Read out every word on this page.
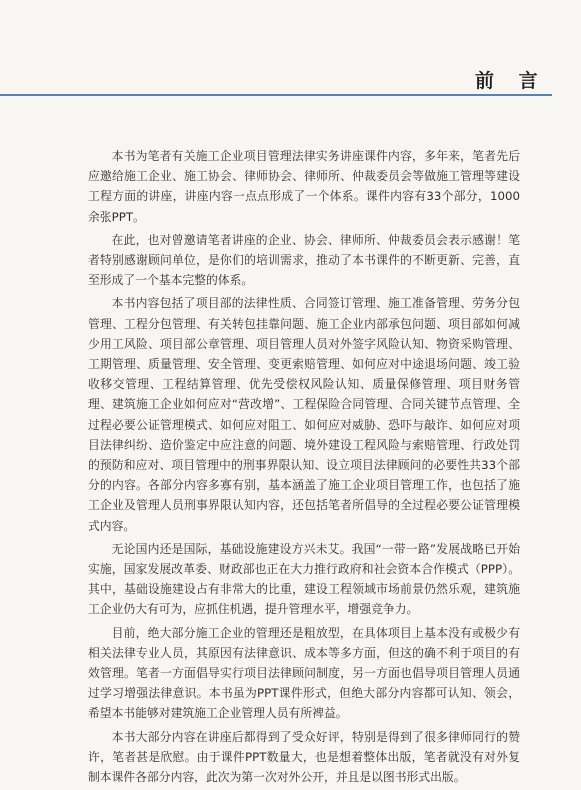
前 言

本书为笔者有关施工企业项目管理法律实务讲座课件内容，多年来，笔者先后应邀给施工企业、施工协会、律师协会、律师所、仲裁委员会等做施工管理等建设工程方面的讲座，讲座内容一点点形成了一个体系。课件内容有33个部分，1000余张PPT。

在此，也对曾邀请笔者讲座的企业、协会、律师所、仲裁委员会表示感谢！笔者特别感谢顾问单位，是你们的培训需求，推动了本书课件的不断更新、完善，直至形成了一个基本完整的体系。

本书内容包括了项目部的法律性质、合同签订管理、施工准备管理、劳务分包管理、工程分包管理、有关转包挂靠问题、施工企业内部承包问题、项目部如何减少用工风险、项目部公章管理、项目管理人员对外签字风险认知、物资采购管理、工期管理、质量管理、安全管理、变更索赔管理、如何应对中途退场问题、竣工验收移交管理、工程结算管理、优先受偿权风险认知、质量保修管理、项目财务管理、建筑施工企业如何应对“营改增”、工程保险合同管理、合同关键节点管理、全过程必要公证管理模式、如何应对阻工、如何应对威胁、恐吓与敲诈、如何应对项目法律纠纷、造价鉴定中应注意的问题、境外建设工程风险与索赔管理、行政处罚的预防和应对、项目管理中的刑事界限认知、设立项目法律顾问的必要性共33个部分的内容。各部分内容多寡有别，基本涵盖了施工企业项目管理工作，也包括了施工企业及管理人员刑事界限认知内容，还包括笔者所倡导的全过程必要公证管理模式内容。

无论国内还是国际，基础设施建设方兴未艾。我国“一带一路”发展战略已开始实施，国家发展改革委、财政部也正在大力推行政府和社会资本合作模式（PPP）。其中，基础设施建设占有非常大的比重，建设工程领域市场前景仍然乐观，建筑施工企业仍大有可为，应抓住机遇，提升管理水平，增强竞争力。

目前，绝大部分施工企业的管理还是粗放型，在具体项目上基本没有或极少有相关法律专业人员，其原因有法律意识、成本等多方面，但这的确不利于项目的有效管理。笔者一方面倡导实行项目法律顾问制度，另一方面也倡导项目管理人员通过学习增强法律意识。本书虽为PPT课件形式，但绝大部分内容都可认知、领会，希望本书能够对建筑施工企业管理人员有所裨益。

本书大部分内容在讲座后都得到了受众好评，特别是得到了很多律师同行的赞许，笔者甚是欣慰。由于课件PPT数量大，也是想着整体出版，笔者就没有对外复制本课件各部分内容，此次为第一次对外公开，并且是以图书形式出版。
